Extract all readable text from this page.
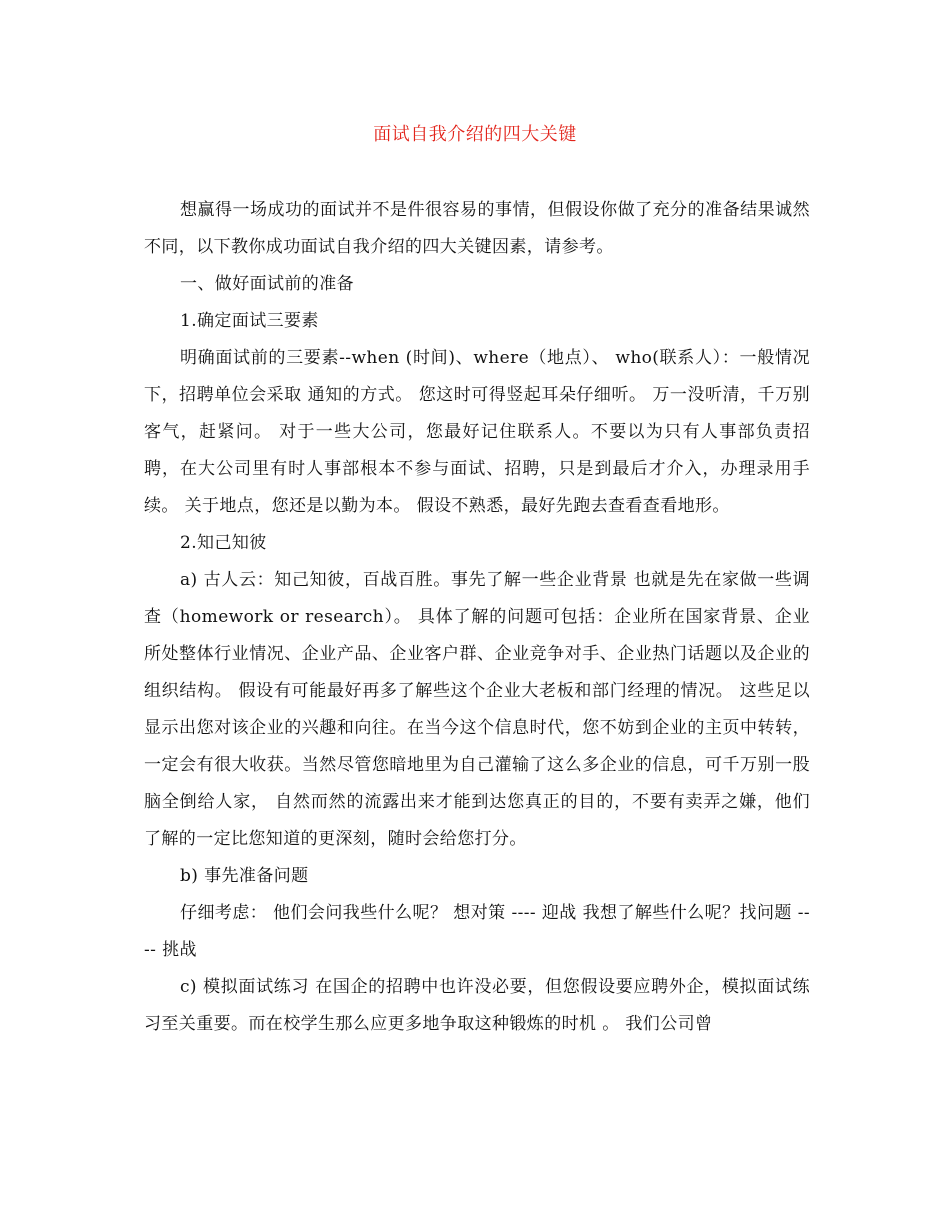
面试自我介绍的四大关键

想赢得一场成功的面试并不是件很容易的事情，但假设你做了充分的准备结果诚然不同，以下教你成功面试自我介绍的四大关键因素，请参考。

一、做好面试前的准备

1.确定面试三要素

明确面试前的三要素--when (时间)、where（地点）、 who(联系人）：一般情况下，招聘单位会采取 通知的方式。 您这时可得竖起耳朵仔细听。 万一没听清，千万别客气，赶紧问。 对于一些大公司，您最好记住联系人。不要以为只有人事部负责招聘，在大公司里有时人事部根本不参与面试、招聘，只是到最后才介入，办理录用手续。 关于地点，您还是以勤为本。 假设不熟悉，最好先跑去查看查看地形。

2.知己知彼

a) 古人云：知己知彼，百战百胜。事先了解一些企业背景 也就是先在家做一些调查（homework or research）。 具体了解的问题可包括：企业所在国家背景、企业所处整体行业情况、企业产品、企业客户群、企业竞争对手、企业热门话题以及企业的组织结构。 假设有可能最好再多了解些这个企业大老板和部门经理的情况。 这些足以显示出您对该企业的兴趣和向往。在当今这个信息时代，您不妨到企业的主页中转转，一定会有很大收获。当然尽管您暗地里为自己灌输了这么多企业的信息，可千万别一股脑全倒给人家， 自然而然的流露出来才能到达您真正的目的，不要有卖弄之嫌，他们了解的一定比您知道的更深刻，随时会给您打分。

b) 事先准备问题

仔细考虑： 他们会问我些什么呢？ 想对策 ---- 迎战 我想了解些什么呢？找问题 ---- 挑战

c) 模拟面试练习 在国企的招聘中也许没必要，但您假设要应聘外企，模拟面试练习至关重要。而在校学生那么应更多地争取这种锻炼的时机 。 我们公司曾
